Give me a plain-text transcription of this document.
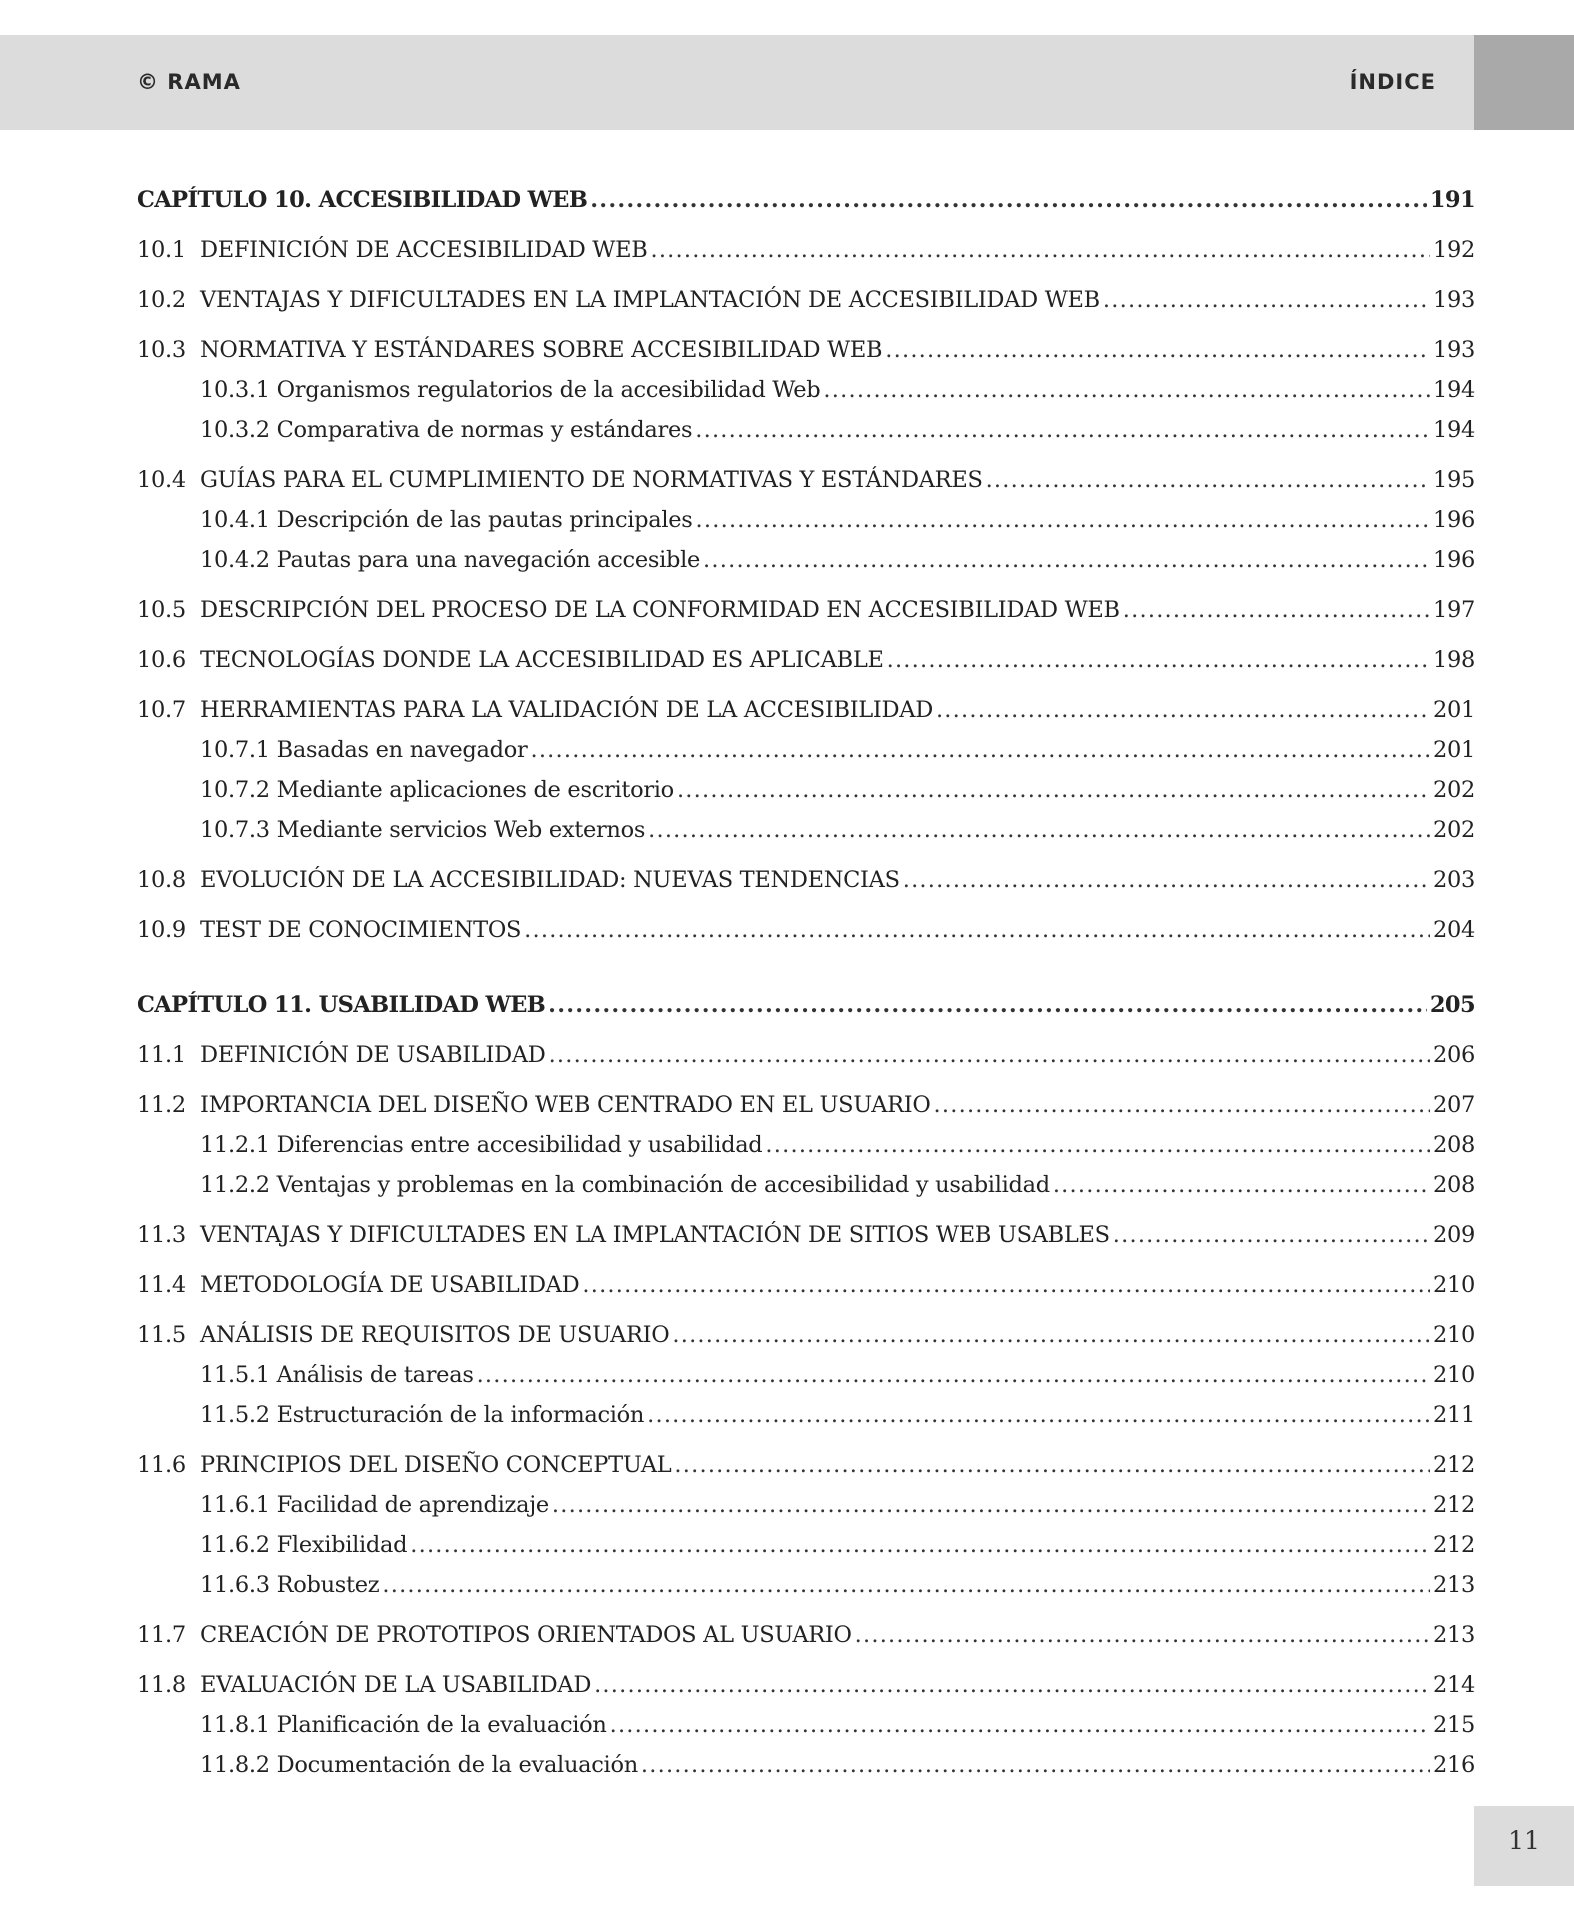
© RAMA	ÍNDICE
CAPÍTULO 10. ACCESIBILIDAD WEB .....	191
10.1 DEFINICIÓN DE ACCESIBILIDAD WEB .....	192
10.2 VENTAJAS Y DIFICULTADES EN LA IMPLANTACIÓN DE ACCESIBILIDAD WEB .....	193
10.3 NORMATIVA Y ESTÁNDARES SOBRE ACCESIBILIDAD WEB .....	193
10.3.1 Organismos regulatorios de la accesibilidad Web .....	194
10.3.2 Comparativa de normas y estándares .....	194
10.4 GUÍAS PARA EL CUMPLIMIENTO DE NORMATIVAS Y ESTÁNDARES .....	195
10.4.1 Descripción de las pautas principales .....	196
10.4.2 Pautas para una navegación accesible .....	196
10.5 DESCRIPCIÓN DEL PROCESO DE LA CONFORMIDAD EN ACCESIBILIDAD WEB .....	197
10.6 TECNOLOGÍAS DONDE LA ACCESIBILIDAD ES APLICABLE .....	198
10.7 HERRAMIENTAS PARA LA VALIDACIÓN DE LA ACCESIBILIDAD .....	201
10.7.1 Basadas en navegador .....	201
10.7.2 Mediante aplicaciones de escritorio .....	202
10.7.3 Mediante servicios Web externos .....	202
10.8 EVOLUCIÓN DE LA ACCESIBILIDAD: NUEVAS TENDENCIAS .....	203
10.9 TEST DE CONOCIMIENTOS .....	204
CAPÍTULO 11. USABILIDAD WEB .....	205
11.1 DEFINICIÓN DE USABILIDAD .....	206
11.2 IMPORTANCIA DEL DISEÑO WEB CENTRADO EN EL USUARIO .....	207
11.2.1 Diferencias entre accesibilidad y usabilidad .....	208
11.2.2 Ventajas y problemas en la combinación de accesibilidad y usabilidad .....	208
11.3 VENTAJAS Y DIFICULTADES EN LA IMPLANTACIÓN DE SITIOS WEB USABLES .....	209
11.4 METODOLOGÍA DE USABILIDAD .....	210
11.5 ANÁLISIS DE REQUISITOS DE USUARIO .....	210
11.5.1 Análisis de tareas .....	210
11.5.2 Estructuración de la información .....	211
11.6 PRINCIPIOS DEL DISEÑO CONCEPTUAL .....	212
11.6.1 Facilidad de aprendizaje .....	212
11.6.2 Flexibilidad .....	212
11.6.3 Robustez .....	213
11.7 CREACIÓN DE PROTOTIPOS ORIENTADOS AL USUARIO .....	213
11.8 EVALUACIÓN DE LA USABILIDAD .....	214
11.8.1 Planificación de la evaluación .....	215
11.8.2 Documentación de la evaluación .....	216
11
